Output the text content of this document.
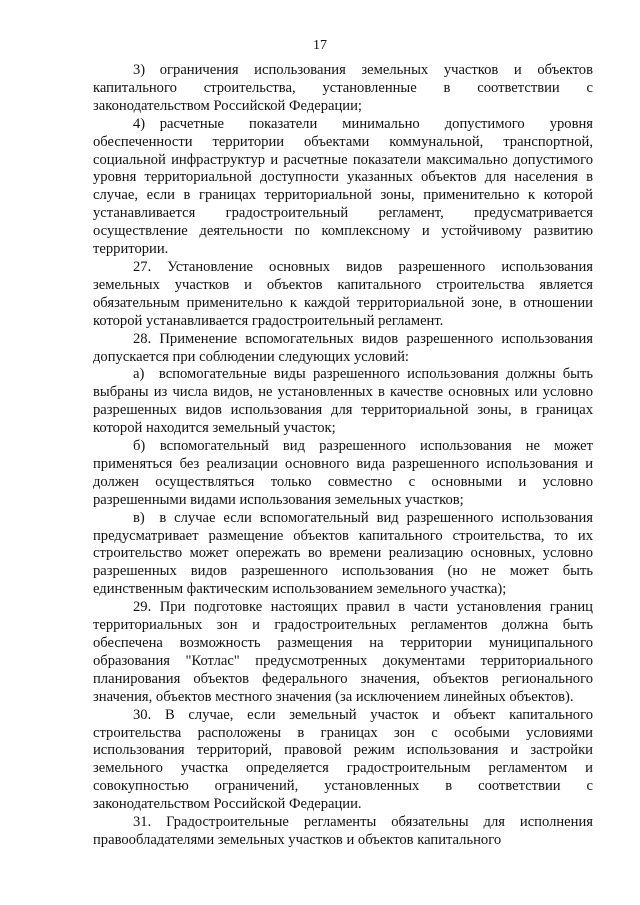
17

3) ограничения использования земельных участков и объектов капитального строительства, установленные в соответствии с законодательством Российской Федерации;

4) расчетные показатели минимально допустимого уровня обеспеченности территории объектами коммунальной, транспортной, социальной инфраструктур и расчетные показатели максимально допустимого уровня территориальной доступности указанных объектов для населения в случае, если в границах территориальной зоны, применительно к которой устанавливается градостроительный регламент, предусматривается осуществление деятельности по комплексному и устойчивому развитию территории.

27. Установление основных видов разрешенного использования земельных участков и объектов капитального строительства является обязательным применительно к каждой территориальной зоне, в отношении которой устанавливается градостроительный регламент.

28. Применение вспомогательных видов разрешенного использования допускается при соблюдении следующих условий:

а) вспомогательные виды разрешенного использования должны быть выбраны из числа видов, не установленных в качестве основных или условно разрешенных видов использования для территориальной зоны, в границах которой находится земельный участок;

б) вспомогательный вид разрешенного использования не может применяться без реализации основного вида разрешенного использования и должен осуществляться только совместно с основными и условно разрешенными видами использования земельных участков;

в) в случае если вспомогательный вид разрешенного использования предусматривает размещение объектов капитального строительства, то их строительство может опережать во времени реализацию основных, условно разрешенных видов разрешенного использования (но не может быть единственным фактическим использованием земельного участка);

29. При подготовке настоящих правил в части установления границ территориальных зон и градостроительных регламентов должна быть обеспечена возможность размещения на территории муниципального образования "Котлас" предусмотренных документами территориального планирования объектов федерального значения, объектов регионального значения, объектов местного значения (за исключением линейных объектов).

30. В случае, если земельный участок и объект капитального строительства расположены в границах зон с особыми условиями использования территорий, правовой режим использования и застройки земельного участка определяется градостроительным регламентом и совокупностью ограничений, установленных в соответствии с законодательством Российской Федерации.

31. Градостроительные регламенты обязательны для исполнения правообладателями земельных участков и объектов капитального
